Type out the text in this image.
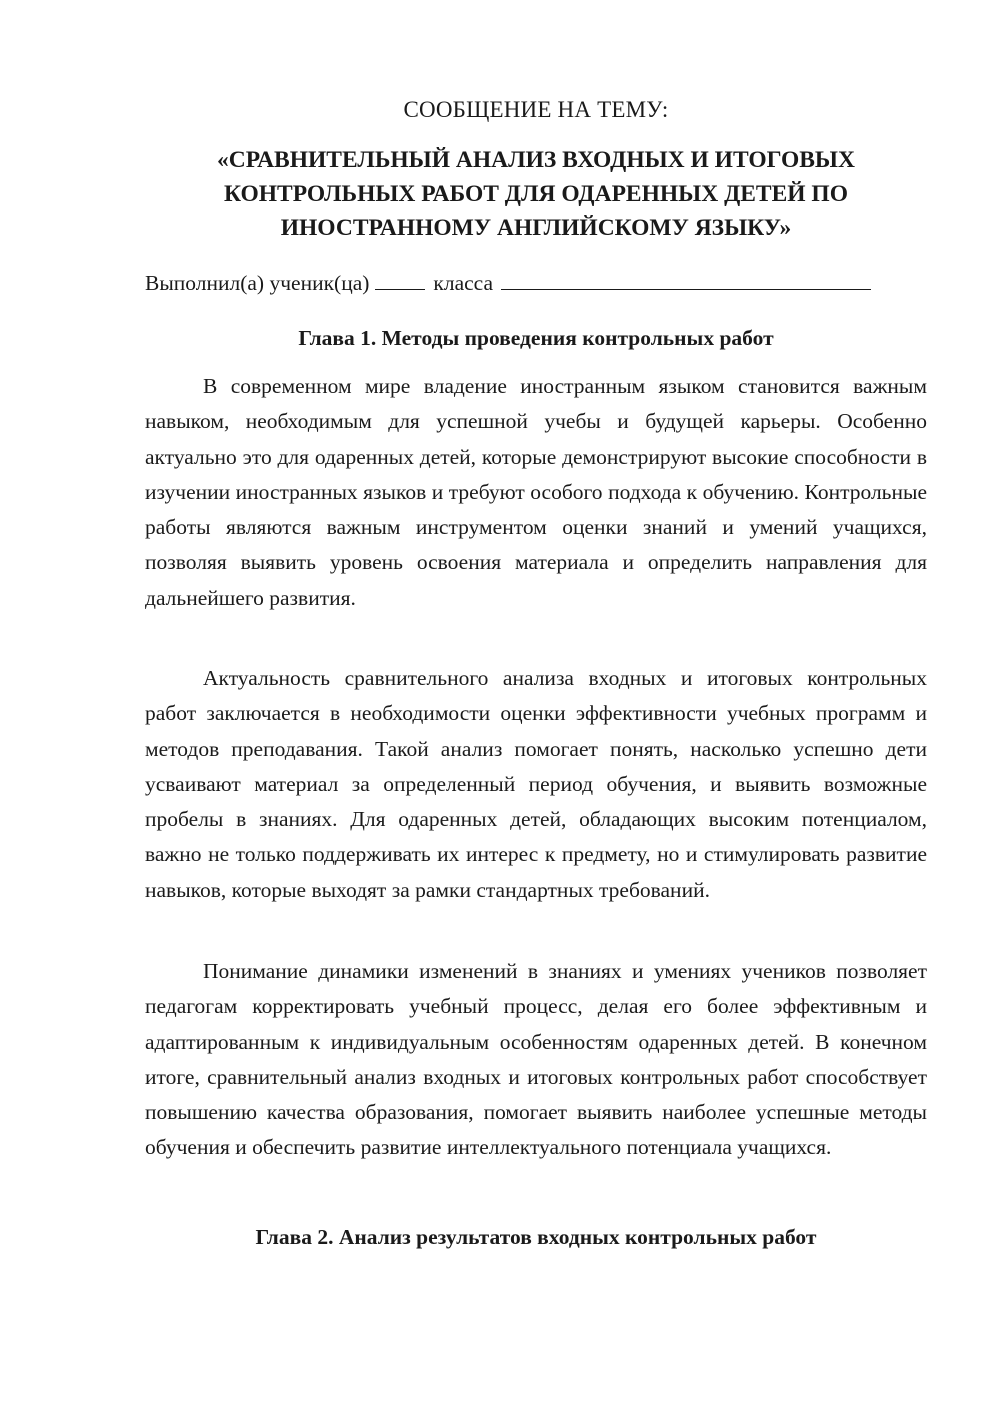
СООБЩЕНИЕ НА ТЕМУ:
«СРАВНИТЕЛЬНЫЙ АНАЛИЗ ВХОДНЫХ И ИТОГОВЫХ
КОНТРОЛЬНЫХ РАБОТ ДЛЯ ОДАРЕННЫХ ДЕТЕЙ ПО
ИНОСТРАННОМУ АНГЛИЙСКОМУ ЯЗЫКУ»
Выполнил(а) ученик(ца)	класса
Глава 1. Методы проведения контрольных работ

В современном мире владение иностранным языком становится важным навыком, необходимым для успешной учебы и будущей карьеры. Особенно актуально это для одаренных детей, которые демонстрируют высокие способности в изучении иностранных языков и требуют особого подхода к обучению. Контрольные работы являются важным инструментом оценки знаний и умений учащихся, позволяя выявить уровень освоения материала и определить направления для дальнейшего развития.

Актуальность сравнительного анализа входных и итоговых контрольных работ заключается в необходимости оценки эффективности учебных программ и методов преподавания. Такой анализ помогает понять, насколько успешно дети усваивают материал за определенный период обучения, и выявить возможные пробелы в знаниях. Для одаренных детей, обладающих высоким потенциалом, важно не только поддерживать их интерес к предмету, но и стимулировать развитие навыков, которые выходят за рамки стандартных требований.

Понимание динамики изменений в знаниях и умениях учеников позволяет педагогам корректировать учебный процесс, делая его более эффективным и адаптированным к индивидуальным особенностям одаренных детей. В конечном итоге, сравнительный анализ входных и итоговых контрольных работ способствует повышению качества образования, помогает выявить наиболее успешные методы обучения и обеспечить развитие интеллектуального потенциала учащихся.

Глава 2. Анализ результатов входных контрольных работ
